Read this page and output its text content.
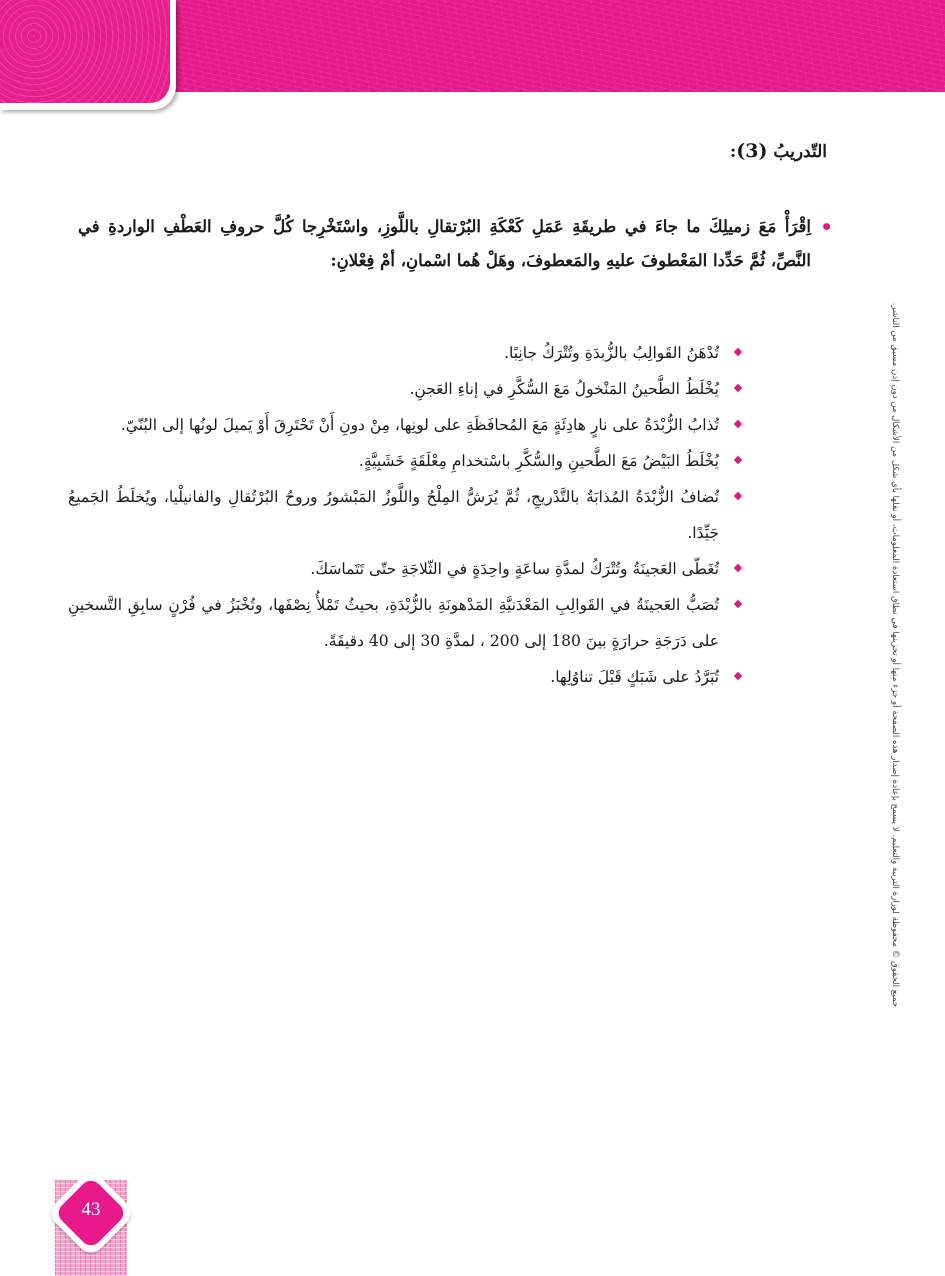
جميع الحقوق © محفوظة لوزارة التربية والتعليم. لا يسمح بإعادة إصدار هذه الصفحة أو جزء منها أو تخزينها في نطاق استعادة المعلومات، أو نقلها بأي شكل من الأشكال من دون إذن مسبق من الناشر.
التّدريبُ (3):
•
اِقْرَأْ مَعَ زميلِكَ ما جاءَ في طريقَةِ عَمَلِ كَعْكَةِ البُرْتقالِ باللَّوزِ، واسْتَخْرِجا كُلَّ حروفِ العَطْفِ الواردةِ في النَّصِّ، ثُمَّ حَدِّدا المَعْطوفَ عليهِ والمَعطوفَ، وهَلْ هُما اسْمانِ، أمْ فِعْلانِ:
تُدْهَنُ القَوالِبُ بالزُّبدَةِ وتُتْرَكُ جانِبًا.
يُخْلَطُ الطَّحينُ المَنْخولُ مَعَ السُّكَّرِ في إناءِ العَجنِ.
تُذابُ الزُّبْدَةُ على نارٍ هادِئَةٍ مَعَ المُحافَظَةِ على لونِها، مِنْ دونِ أَنْ تَحْتَرِقَ أَوْ يَميلَ لونُها إلى البُنّيّ.
يُخْلَطُ البَيْضُ مَعَ الطَّحينِ والسُّكَّرِ باسْتخدامِ مِعْلَقَةٍ خَشَبِيَّةٍ.
تُضافُ الزُّبْدَةُ المُذابَةُ بالتَّدْريجِ، ثُمَّ يُرَشُّ المِلْحُ واللَّوزُ المَبْشورُ وروحُ البُرْتُقالِ والفانيلْيا، ويُخلَطُ الجَميعُ جَيِّدًا.
تُغَطّى العَجينَةُ وتُتْرَكُ لمدَّةِ ساعَةٍ واحِدَةٍ في الثّلاجَةِ حتّى تَتَماسَكَ.
تُصَبُّ العَجينَةُ في القَوالِبِ المَعْدَنيَّةِ المَدْهونَةِ بالزُّبْدَةِ، بحيثُ تَمْلأُ نِصْفَها، وتُخْبَزُ في فُرْنٍ سابِقِ التَّسخينِ على دَرَجَةِ حرارَةٍ بينَ 180 إلى 200 ، لمدَّةِ 30 إلى 40 دقيقَةً.
تُبَرَّدُ على شَبَكٍ قَبْلَ تناوُلِها.
43
